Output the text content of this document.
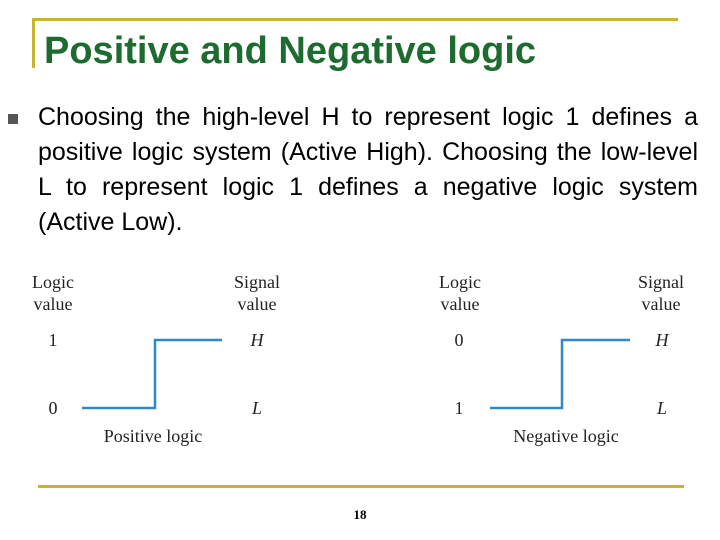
Positive and Negative logic

Choosing the high-level H to represent logic 1 defines a positive logic system (Active High). Choosing the low-level L to represent logic 1 defines a negative logic system (Active Low).

Logic
value
Signal
value
1
0
H
L
Positive logic
Logic
value
Signal
value
0
1
H
L
Negative logic
18
